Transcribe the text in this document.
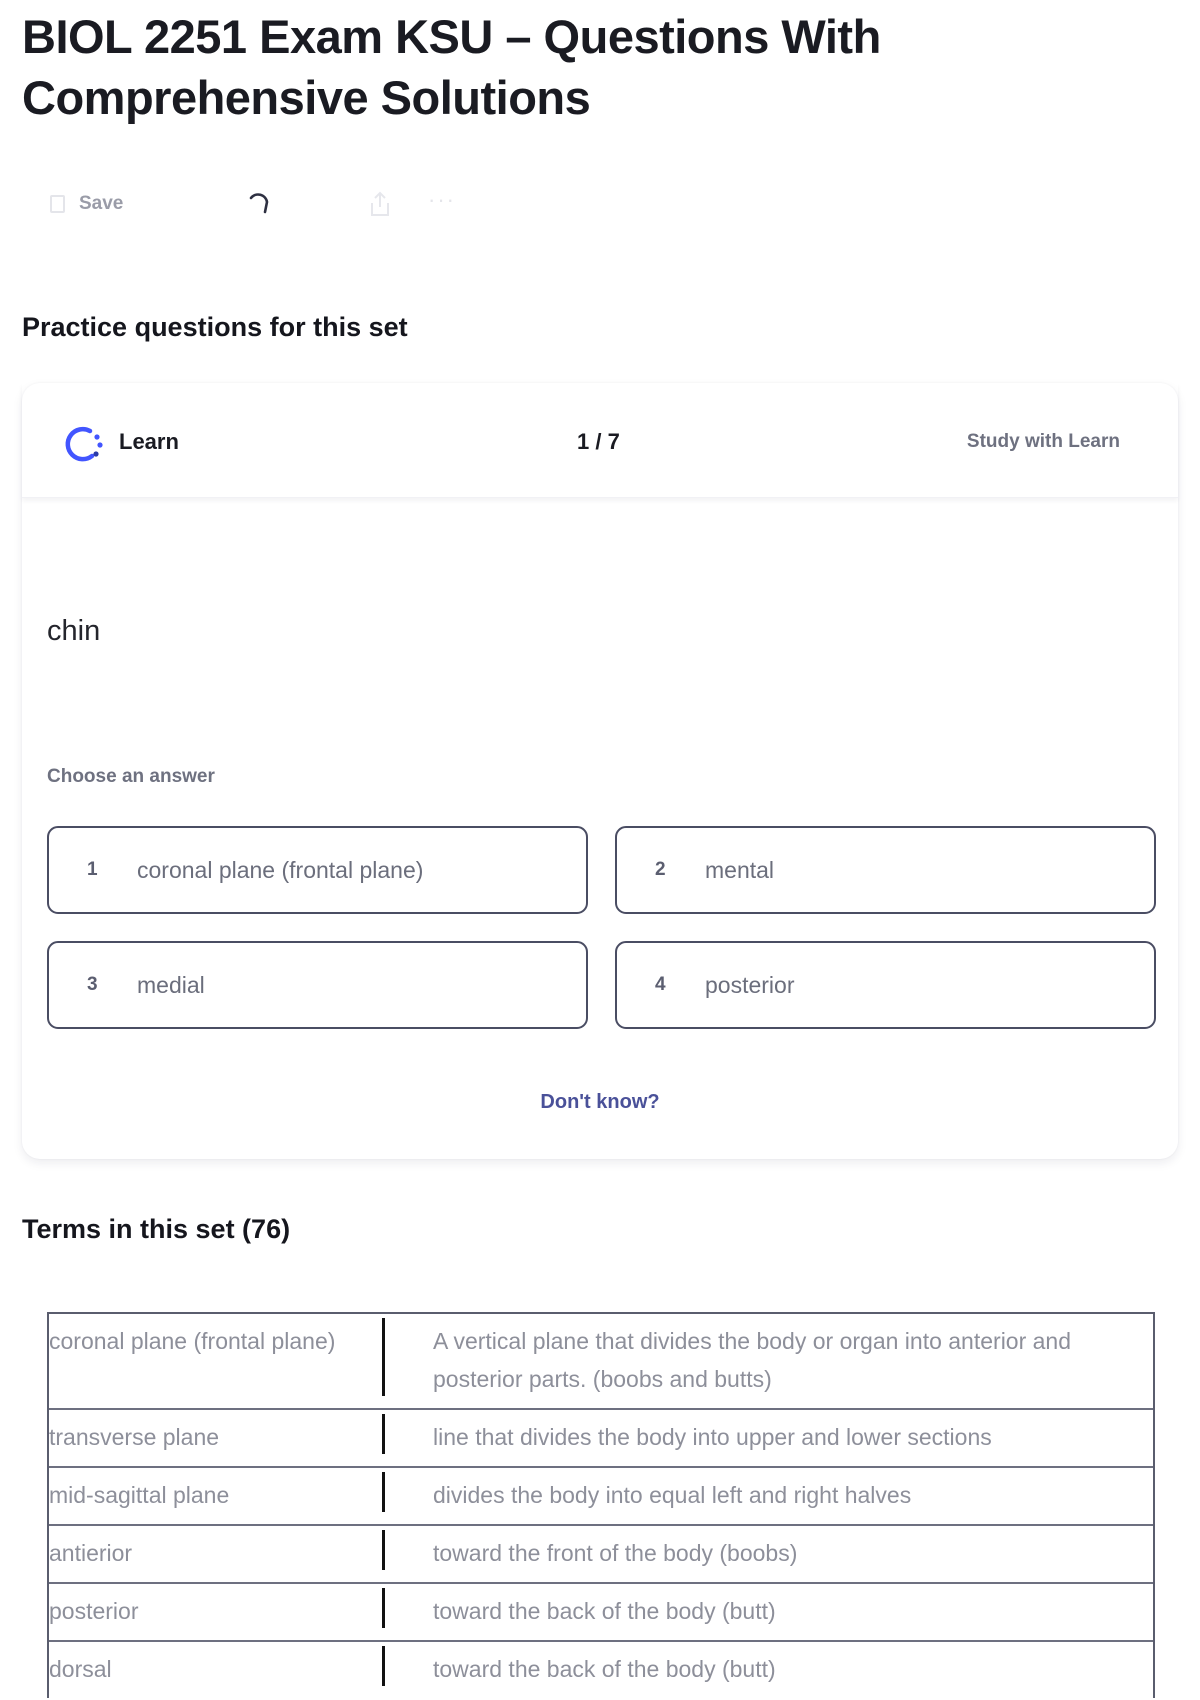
BIOL 2251 Exam KSU – Questions With Comprehensive Solutions
Save	···
Practice questions for this set
Learn	1 / 7	Study with Learn
chin
Choose an answer
1	coronal plane (frontal plane)	2	mental
3	medial	4	posterior
Don't know?
Terms in this set (76)
coronal plane (frontal plane)	A vertical plane that divides the body or organ into anterior and posterior parts. (boobs and butts)
transverse plane	line that divides the body into upper and lower sections
mid-sagittal plane	divides the body into equal left and right halves
antierior	toward the front of the body (boobs)
posterior	toward the back of the body (butt)
dorsal	toward the back of the body (butt)
